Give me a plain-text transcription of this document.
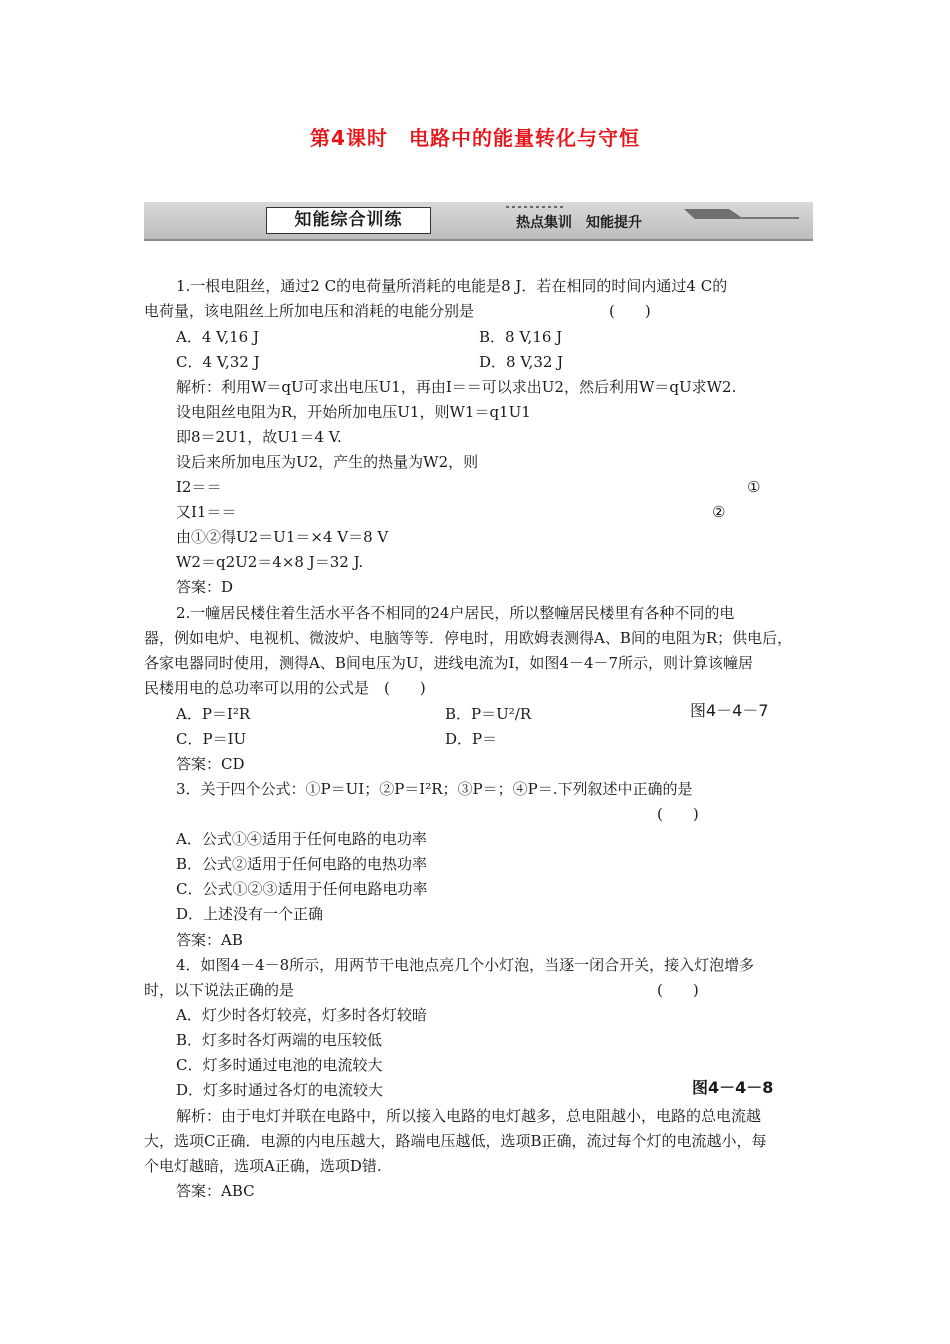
第4课时　电路中的能量转化与守恒
知能综合训练	热点集训　知能提升
1.一根电阻丝，通过2 C的电荷量所消耗的电能是8 J．若在相同的时间内通过4 C的
电荷量，该电阻丝上所加电压和消耗的电能分别是　　　　　　　　　(　　)
A．4 V,16 J	B．8 V,16 J
C．4 V,32 J	D．8 V,32 J
解析：利用W＝qU可求出电压U1，再由I＝＝可以求出U2，然后利用W＝qU求W2.
设电阻丝电阻为R，开始所加电压U1，则W1＝q1U1
即8＝2U1，故U1＝4 V.
设后来所加电压为U2，产生的热量为W2，则
I2＝＝	①
又I1＝＝	②
由①②得U2＝U1＝×4 V＝8 V
W2＝q2U2＝4×8 J＝32 J.
答案：D
2.一幢居民楼住着生活水平各不相同的24户居民，所以整幢居民楼里有各种不同的电
器，例如电炉、电视机、微波炉、电脑等等．停电时，用欧姆表测得A、B间的电阻为R；供电后，
各家电器同时使用，测得A、B间电压为U，进线电流为I，如图4－4－7所示，则计算该幢居
民楼用电的总功率可以用的公式是　(　　)
A．P＝I²R	B．P＝U²/R	图4－4－7
C．P＝IU	D．P＝
答案：CD
3．关于四个公式：①P＝UI；②P＝I²R；③P＝；④P＝.下列叙述中正确的是
(　　)
A．公式①④适用于任何电路的电功率
B．公式②适用于任何电路的电热功率
C．公式①②③适用于任何电路电功率
D．上述没有一个正确
答案：AB
4．如图4－4－8所示，用两节干电池点亮几个小灯泡，当逐一闭合开关，接入灯泡增多
时，以下说法正确的是	(　　)
A．灯少时各灯较亮，灯多时各灯较暗
B．灯多时各灯两端的电压较低
C．灯多时通过电池的电流较大
D．灯多时通过各灯的电流较大	图4－4－8
解析：由于电灯并联在电路中，所以接入电路的电灯越多，总电阻越小，电路的总电流越
大，选项C正确．电源的内电压越大，路端电压越低，选项B正确，流过每个灯的电流越小，每
个电灯越暗，选项A正确，选项D错.
答案：ABC
